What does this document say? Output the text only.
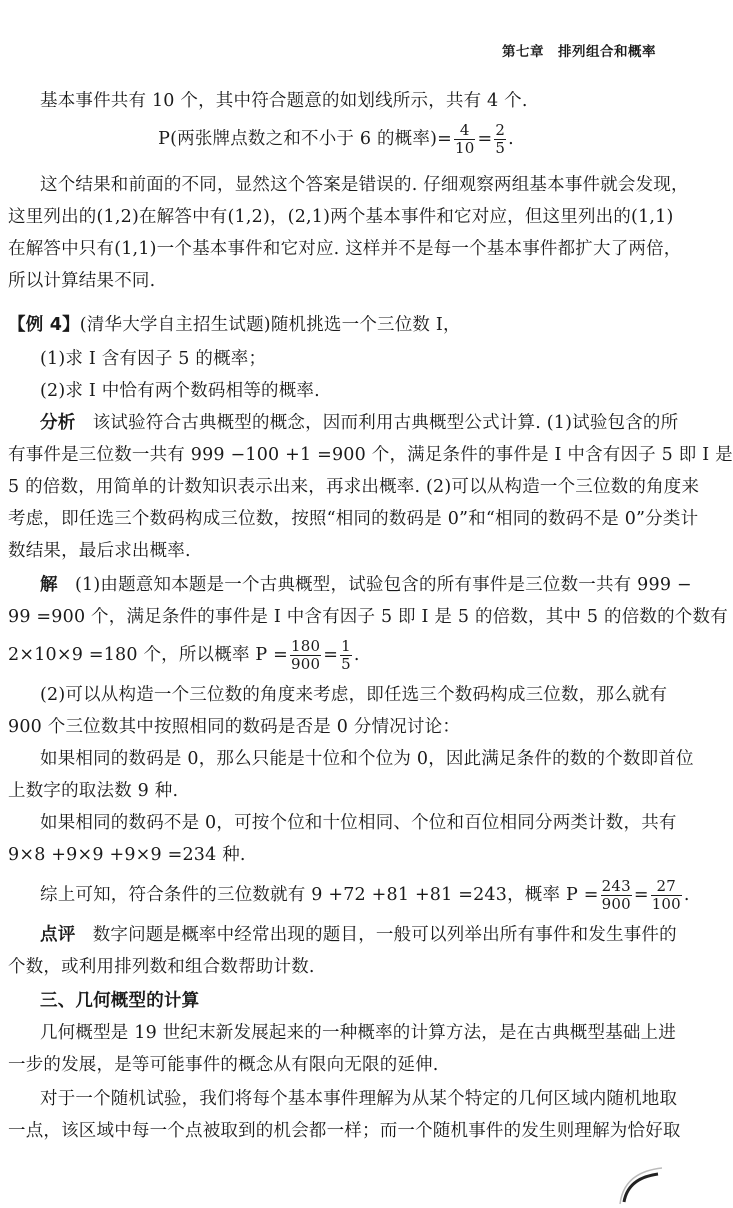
第七章　排列组合和概率
基本事件共有 10 个，其中符合题意的如划线所示，共有 4 个.
P(两张牌点数之和不小于 6 的概率)= $\frac{4}{10} = \frac{2}{5}$ .
这个结果和前面的不同，显然这个答案是错误的. 仔细观察两组基本事件就会发现，
这里列出的(1,2)在解答中有(1,2)，(2,1)两个基本事件和它对应，但这里列出的(1,1)
在解答中只有(1,1)一个基本事件和它对应. 这样并不是每一个基本事件都扩大了两倍，
所以计算结果不同.
【例 4】(清华大学自主招生试题)随机挑选一个三位数 I，
(1)求 I 含有因子 5 的概率；
(2)求 I 中恰有两个数码相等的概率.
分析 该试验符合古典概型的概念，因而利用古典概型公式计算. (1)试验包含的所
有事件是三位数一共有 999 −100 +1 =900 个，满足条件的事件是 I 中含有因子 5 即 I 是
5 的倍数，用简单的计数知识表示出来，再求出概率. (2)可以从构造一个三位数的角度来
考虑，即任选三个数码构成三位数，按照“相同的数码是 0”和“相同的数码不是 0”分类计
数结果，最后求出概率.
解 (1)由题意知本题是一个古典概型，试验包含的所有事件是三位数一共有 999 −
99 =900 个，满足条件的事件是 I 中含有因子 5 即 I 是 5 的倍数，其中 5 的倍数的个数有
2×10×9 =180 个，所以概率 $P = \frac{180}{900} = \frac{1}{5}$ .
(2)可以从构造一个三位数的角度来考虑，即任选三个数码构成三位数，那么就有
900 个三位数其中按照相同的数码是否是 0 分情况讨论：
如果相同的数码是 0，那么只能是十位和个位为 0，因此满足条件的数的个数即首位
上数字的取法数 9 种.
如果相同的数码不是 0，可按个位和十位相同、个位和百位相同分两类计数，共有
9×8 +9×9 +9×9 =234 种.
综上可知，符合条件的三位数就有 9 +72 +81 +81 =243，概率 $P = \frac{243}{900} = \frac{27}{100}$ .
点评 数字问题是概率中经常出现的题目，一般可以列举出所有事件和发生事件的
个数，或利用排列数和组合数帮助计数.
三、几何概型的计算
几何概型是 19 世纪末新发展起来的一种概率的计算方法，是在古典概型基础上进
一步的发展，是等可能事件的概念从有限向无限的延伸.
对于一个随机试验，我们将每个基本事件理解为从某个特定的几何区域内随机地取
一点，该区域中每一个点被取到的机会都一样；而一个随机事件的发生则理解为恰好取
